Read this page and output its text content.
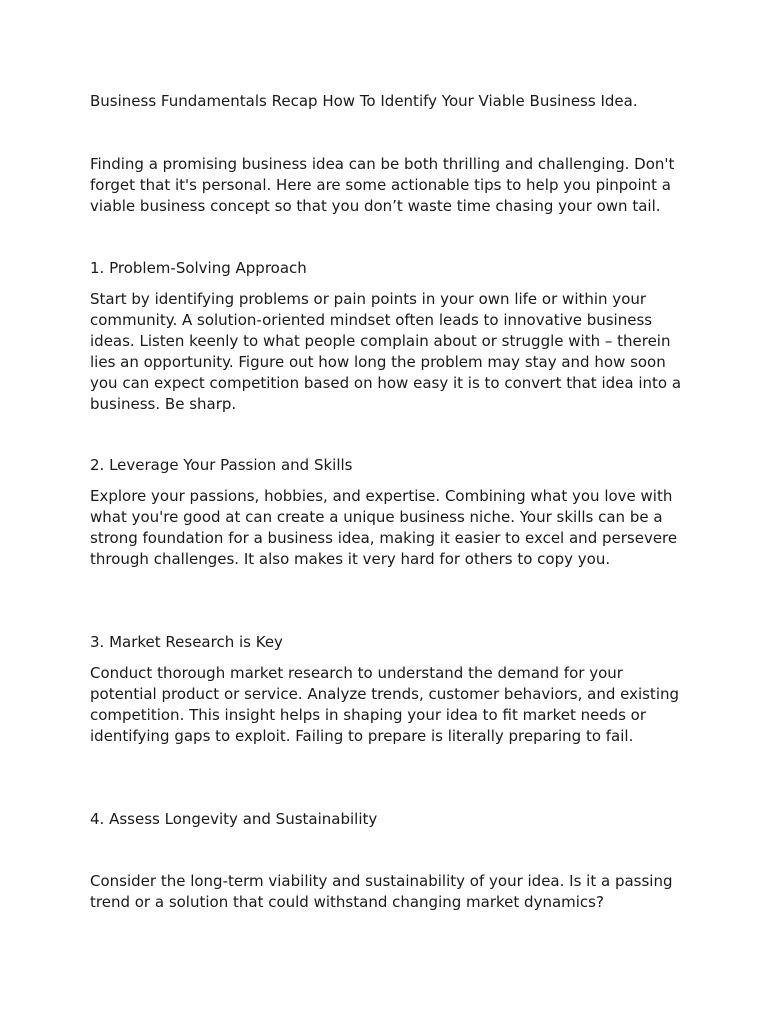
Business Fundamentals Recap How To Identify Your Viable Business Idea.

Finding a promising business idea can be both thrilling and challenging. Don't forget that it's personal. Here are some actionable tips to help you pinpoint a viable business concept so that you don’t waste time chasing your own tail.

1. Problem-Solving Approach

Start by identifying problems or pain points in your own life or within your community. A solution-oriented mindset often leads to innovative business ideas. Listen keenly to what people complain about or struggle with – therein lies an opportunity. Figure out how long the problem may stay and how soon you can expect competition based on how easy it is to convert that idea into a business. Be sharp.

2. Leverage Your Passion and Skills

Explore your passions, hobbies, and expertise. Combining what you love with what you're good at can create a unique business niche. Your skills can be a strong foundation for a business idea, making it easier to excel and persevere through challenges. It also makes it very hard for others to copy you.

3. Market Research is Key

Conduct thorough market research to understand the demand for your potential product or service. Analyze trends, customer behaviors, and existing competition. This insight helps in shaping your idea to fit market needs or identifying gaps to exploit. Failing to prepare is literally preparing to fail.

4. Assess Longevity and Sustainability

Consider the long-term viability and sustainability of your idea. Is it a passing trend or a solution that could withstand changing market dynamics?
